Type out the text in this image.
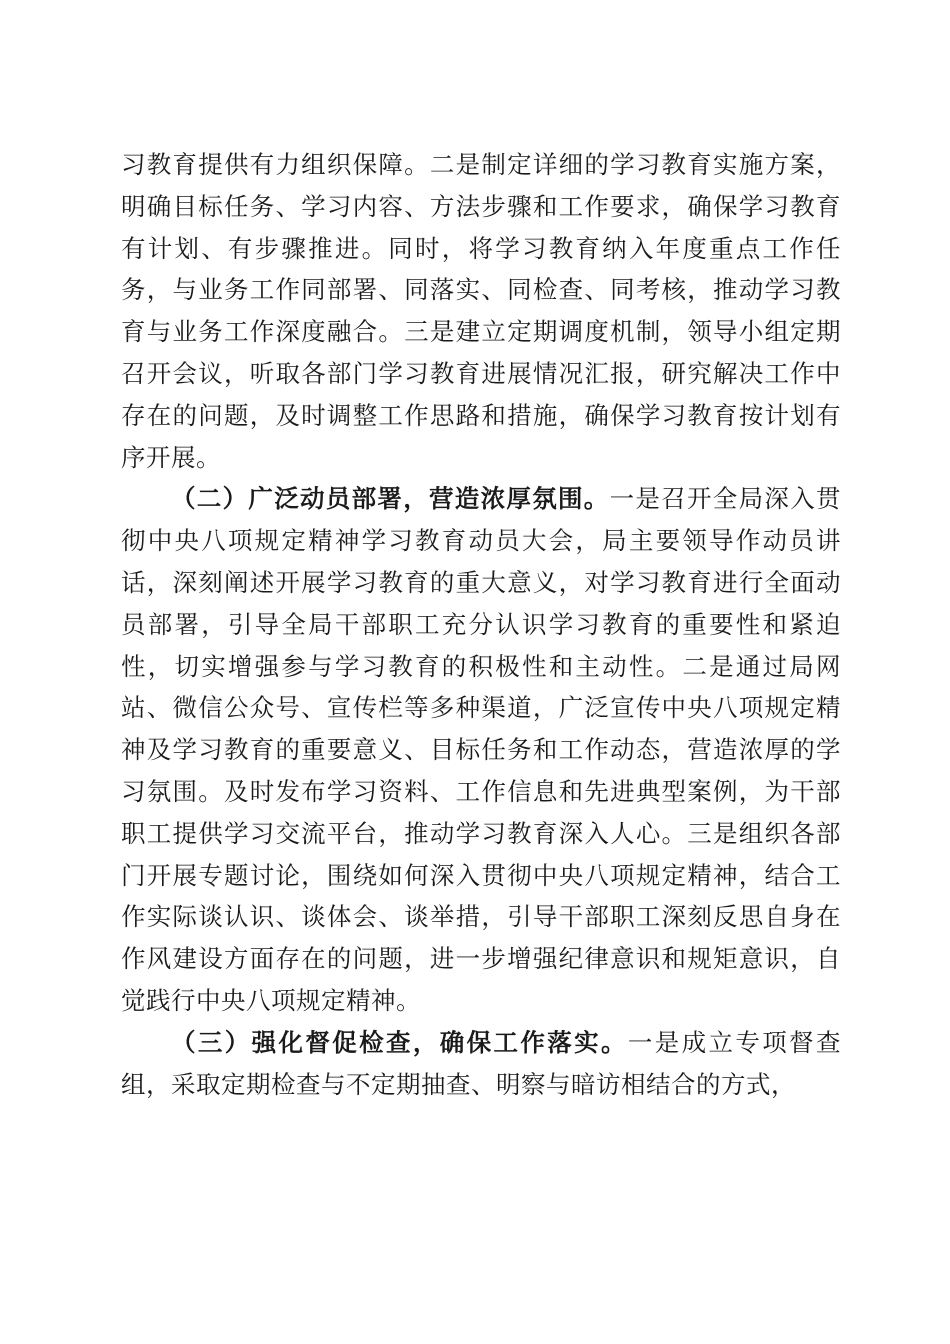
习教育提供有力组织保障。二是制定详细的学习教育实施方案，明确目标任务、学习内容、方法步骤和工作要求，确保学习教育有计划、有步骤推进。同时，将学习教育纳入年度重点工作任务，与业务工作同部署、同落实、同检查、同考核，推动学习教育与业务工作深度融合。三是建立定期调度机制，领导小组定期召开会议，听取各部门学习教育进展情况汇报，研究解决工作中存在的问题，及时调整工作思路和措施，确保学习教育按计划有序开展。

（二）广泛动员部署，营造浓厚氛围。一是召开全局深入贯彻中央八项规定精神学习教育动员大会，局主要领导作动员讲话，深刻阐述开展学习教育的重大意义，对学习教育进行全面动员部署，引导全局干部职工充分认识学习教育的重要性和紧迫性，切实增强参与学习教育的积极性和主动性。二是通过局网站、微信公众号、宣传栏等多种渠道，广泛宣传中央八项规定精神及学习教育的重要意义、目标任务和工作动态，营造浓厚的学习氛围。及时发布学习资料、工作信息和先进典型案例，为干部职工提供学习交流平台，推动学习教育深入人心。三是组织各部门开展专题讨论，围绕如何深入贯彻中央八项规定精神，结合工作实际谈认识、谈体会、谈举措，引导干部职工深刻反思自身在作风建设方面存在的问题，进一步增强纪律意识和规矩意识，自觉践行中央八项规定精神。

（三）强化督促检查，确保工作落实。一是成立专项督查组，采取定期检查与不定期抽查、明察与暗访相结合的方式，
